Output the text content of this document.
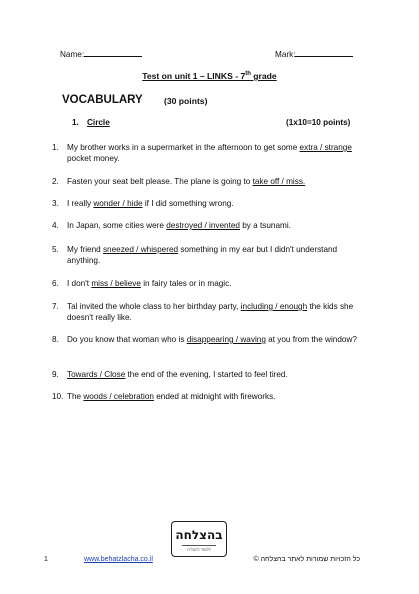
Name:	Mark:
Test on unit 1 – LINKS - 7th grade
VOCABULARY (30 points)
1. Circle	(1x10=10 points)
1. My brother works in a supermarket in the afternoon to get some extra / strange pocket money.
2. Fasten your seat belt please. The plane is going to take off / miss.
3. I really wonder / hide if I did something wrong.
4. In Japan, some cities were destroyed / invented by a tsunami.
5. My friend sneezed / whispered something in my ear but I didn't understand anything.
6. I don't miss / believe in fairy tales or in magic.
7. Tal invited the whole class to her birthday party, including / enough the kids she doesn't really like.
8. Do you know that woman who is disappearing / waving at you from the window?
9. Towards / Close the end of the evening, I started to feel tired.
10. The woods / celebration ended at midnight with fireworks.
בהצלחה
ללמוד להצליח
1	www.behatzlacha.co.il	כל הזכויות שמורות לאתר בהצלחה ©
